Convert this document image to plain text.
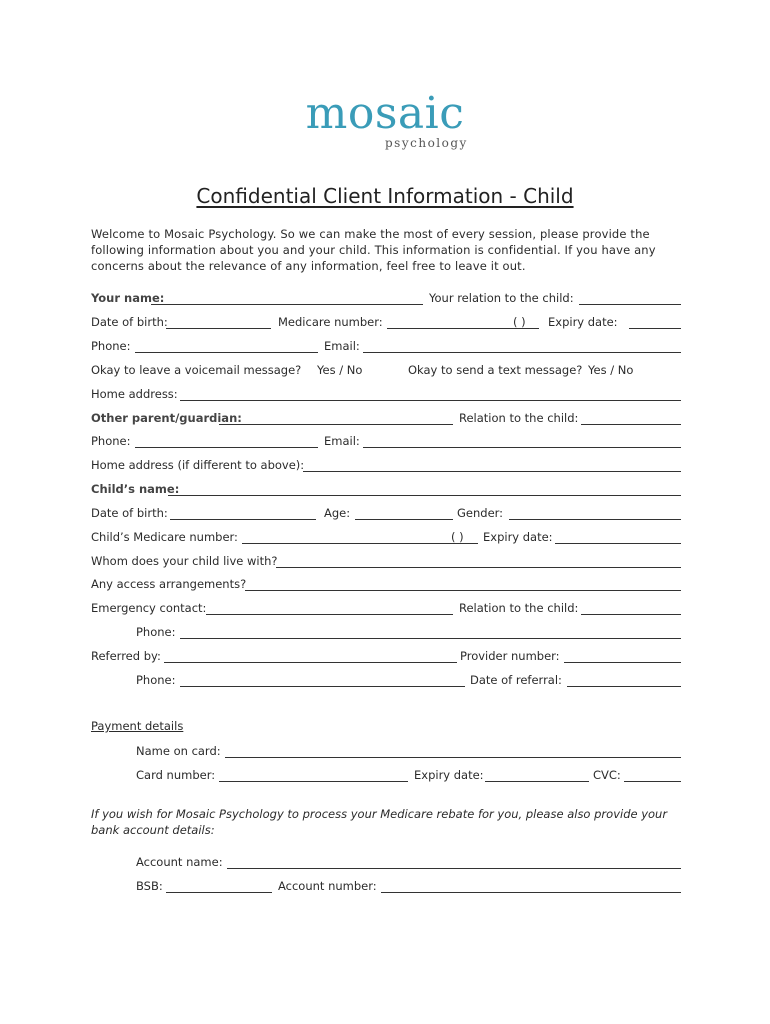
mosaic
psychology
Confidential Client Information - Child
Welcome to Mosaic Psychology. So we can make the most of every session, please provide the following information about you and your child. This information is confidential. If you have any concerns about the relevance of any information, feel free to leave it out.
Your name:	Your relation to the child:
Date of birth:	Medicare number:	( ) Expiry date:
Phone:	Email:
Okay to leave a voicemail message? Yes / No	Okay to send a text message? Yes / No
Home address:
Other parent/guardian:	Relation to the child:
Phone:	Email:
Home address (if different to above):
Child’s name:
Date of birth:	Age:	Gender:
Child’s Medicare number:	( ) Expiry date:
Whom does your child live with?
Any access arrangements?
Emergency contact:	Relation to the child:
Phone:
Referred by:	Provider number:
Phone:	Date of referral:
Payment details
Name on card:
Card number:	Expiry date:	CVC:
If you wish for Mosaic Psychology to process your Medicare rebate for you, please also provide your bank account details:
Account name:
BSB:	Account number:
